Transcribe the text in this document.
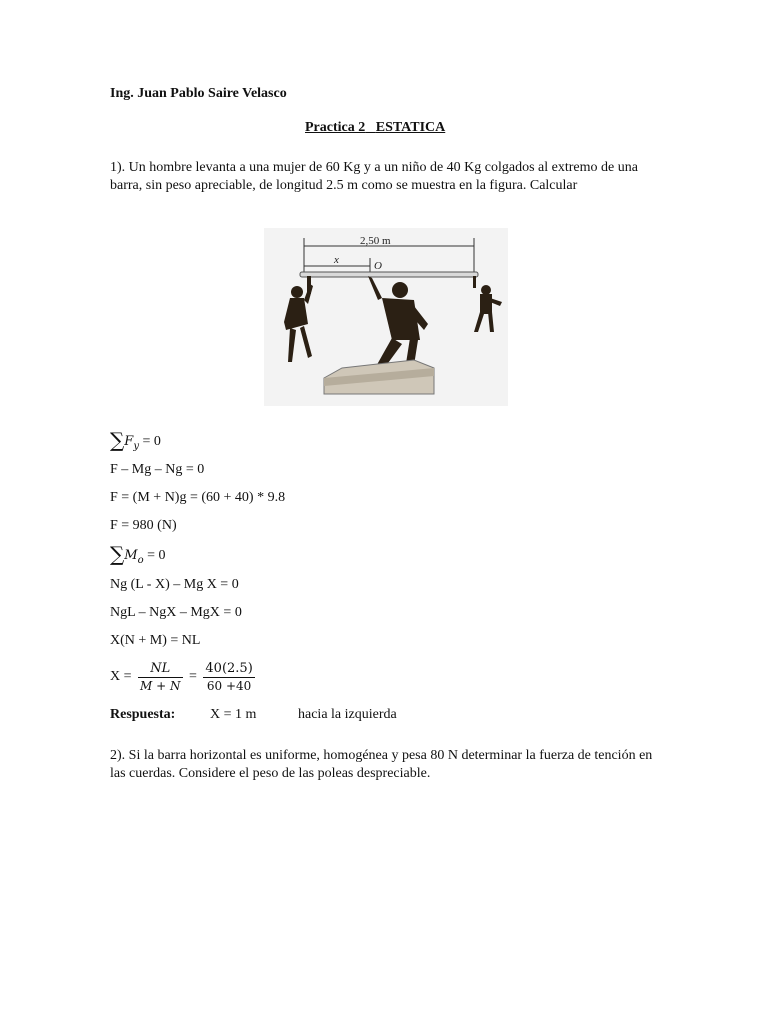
Ing. Juan Pablo Saire Velasco
Practica 2 ESTATICA
1). Un hombre levanta a una mujer de 60 Kg y a un niño de 40 Kg colgados al extremo de una barra, sin peso apreciable, de longitud 2.5 m como se muestra en la figura. Calcular
2,50 m
x	O
$\sum F_y = 0$
F – Mg – Ng = 0
F = (M + N)g = (60 + 40) * 9.8
F = 980 (N)
$\sum M_o = 0$
Ng (L - X) – Mg X = 0
NgL – NgX – MgX = 0
X(N + M) = NL
$X = \frac{NL}{M + N} = \frac{40(2.5)}{60 +40}$
Respuesta: X = 1 m	hacia la izquierda
2). Si la barra horizontal es uniforme, homogénea y pesa 80 N determinar la fuerza de tención en las cuerdas. Considere el peso de las poleas despreciable.
